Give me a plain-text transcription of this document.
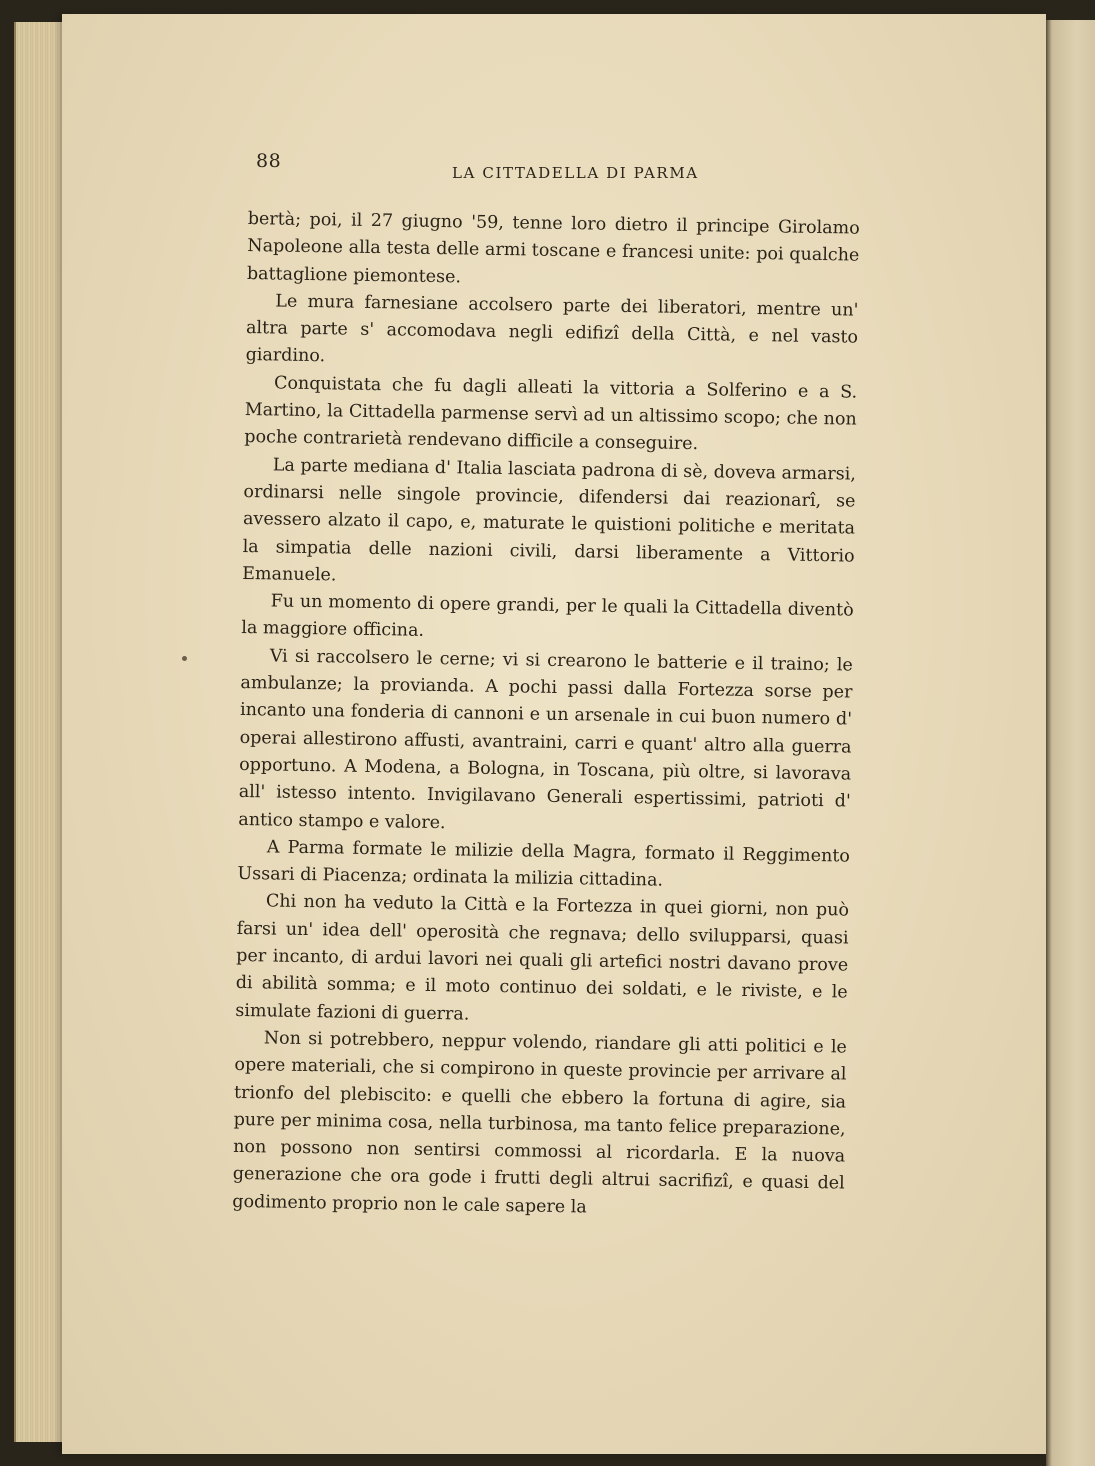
88
LA CITTADELLA DI PARMA

bertà; poi, il 27 giugno '59, tenne loro dietro il principe Girolamo Napoleone alla testa delle armi toscane e francesi unite: poi qualche battaglione piemontese.

Le mura farnesiane accolsero parte dei liberatori, mentre un' altra parte s' accomodava negli edifizî della Città, e nel vasto giardino.

Conquistata che fu dagli alleati la vittoria a Solferino e a S. Martino, la Cittadella parmense servì ad un altissimo scopo; che non poche contrarietà rendevano difficile a conseguire.

La parte mediana d' Italia lasciata padrona di sè, doveva armarsi, ordinarsi nelle singole provincie, difendersi dai reazionarî, se avessero alzato il capo, e, maturate le quistioni politiche e meritata la simpatia delle nazioni civili, darsi liberamente a Vittorio Emanuele.

Fu un momento di opere grandi, per le quali la Cittadella diventò la maggiore officina.

Vi si raccolsero le cerne; vi si crearono le batterie e il traino; le ambulanze; la provianda. A pochi passi dalla Fortezza sorse per incanto una fonderia di cannoni e un arsenale in cui buon numero d' operai allestirono affusti, avantraini, carri e quant' altro alla guerra opportuno. A Modena, a Bologna, in Toscana, più oltre, si lavorava all' istesso intento. Invigilavano Generali espertissimi, patrioti d' antico stampo e valore.

A Parma formate le milizie della Magra, formato il Reggimento Ussari di Piacenza; ordinata la milizia cittadina.

Chi non ha veduto la Città e la Fortezza in quei giorni, non può farsi un' idea dell' operosità che regnava; dello svilupparsi, quasi per incanto, di ardui lavori nei quali gli artefici nostri davano prove di abilità somma; e il moto continuo dei soldati, e le riviste, e le simulate fazioni di guerra.

Non si potrebbero, neppur volendo, riandare gli atti politici e le opere materiali, che si compirono in queste provincie per arrivare al trionfo del plebiscito: e quelli che ebbero la fortuna di agire, sia pure per minima cosa, nella turbinosa, ma tanto felice preparazione, non possono non sentirsi commossi al ricordarla. E la nuova generazione che ora gode i frutti degli altrui sacrifizî, e quasi del godimento proprio non le cale sapere la
